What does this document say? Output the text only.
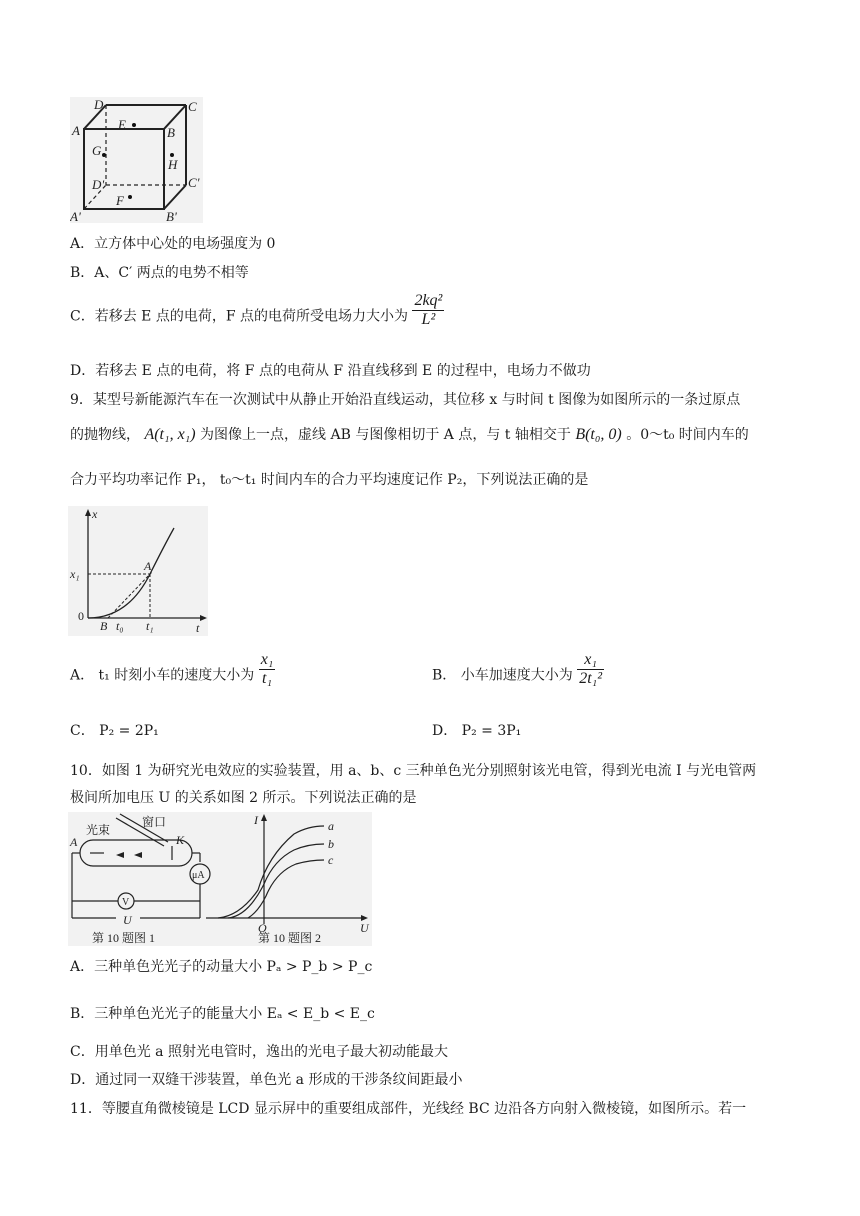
D	C
A	B
E
G
H
D'	C'
F
A'	B'
A．立方体中心处的电场强度为 0
B．A、C′ 两点的电势不相等
C．若移去 E 点的电荷，F 点的电荷所受电场力大小为 $\frac{\text{2kq²}}{\text{L²}}$
D．若移去 E 点的电荷，将 F 点的电荷从 F 沿直线移到 E 的过程中，电场力不做功
9．某型号新能源汽车在一次测试中从静止开始沿直线运动，其位移 x 与时间 t 图像为如图所示的一条过原点
的抛物线， A(t₁, x₁) 为图像上一点，虚线 AB 与图像相切于 A 点，与 t 轴相交于 B(t₀, 0) 。0～t₀ 时间内车的
合力平均功率记作 P₁， t₀～t₁ 时间内车的合力平均速度记作 P₂，下列说法正确的是
x
t
x₁
A
0
B t₀ t₁
A． t₁ 时刻小车的速度大小为 $\frac{\text{x₁}}{\text{t₁}}$	B． 小车加速度大小为 $\frac{\text{x₁}}{\text{2t₁²}}$
C． P₂ = 2P₁	D． P₂ = 3P₁
10．如图 1 为研究光电效应的实验装置，用 a、b、c 三种单色光分别照射该光电管，得到光电流 I 与光电管两
极间所加电压 U 的关系如图 2 所示。下列说法正确的是
光束
窗口
A	K
V
μA
U
第 10 题图 1
I	a
b
c
O	U
第 10 题图 2
A．三种单色光光子的动量大小 Pₐ > P_b > P_c
B．三种单色光光子的能量大小 Eₐ < E_b < E_c
C．用单色光 a 照射光电管时，逸出的光电子最大初动能最大
D．通过同一双缝干涉装置，单色光 a 形成的干涉条纹间距最小
11．等腰直角微棱镜是 LCD 显示屏中的重要组成部件，光线经 BC 边沿各方向射入微棱镜，如图所示。若一
